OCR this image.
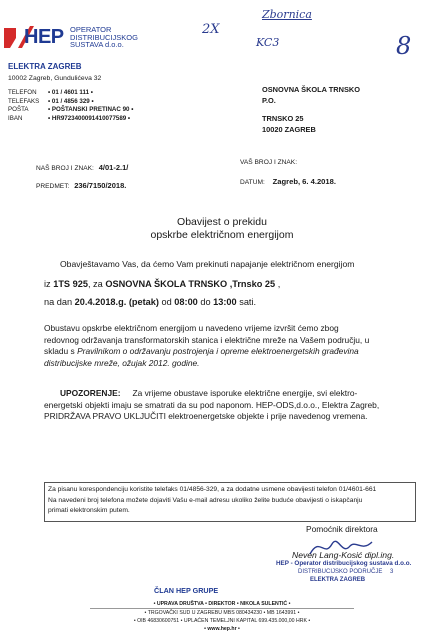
HEP OPERATOR
DISTRIBUCIJSKOG
SUSTAVA d.o.o.
2X
Zbornica
KC3	8
ELEKTRA ZAGREB
10002 Zagreb, Gundulićeva 32
TELEFON • 01 / 4601 111 •
TELEFAKS • 01 / 4856 329 •
POŠTA	• POŠTANSKI PRETINAC 90 •
IBAN	• HR9723400091410077589 •
OSNOVNA ŠKOLA TRNSKO
P.O.
TRNSKO 25
10020 ZAGREB
NAŠ BROJ I ZNAK: 4/01-2.1/
VAŠ BROJ I ZNAK:
PREDMET: 236/7150/2018.	DATUM: Zagreb, 6. 4.2018.
Obavijest o prekidu
opskrbe električnom energijom
Obavještavamo Vas, da ćemo Vam prekinuti napajanje električnom energijom
iz 1TS 925, za OSNOVNA ŠKOLA TRNSKO ,Trnsko 25 ,
na dan 20.4.2018.g. (petak) od 08:00 do 13:00 sati.
Obustavu opskrbe električnom energijom u navedeno vrijeme izvršit ćemo zbog
redovnog održavanja transformatorskih stanica i električne mreže na Vašem području, u
skladu s Pravilnikom o održavanju postrojenja i opreme elektroenergetskih građevina
distribucijske mreže, ožujak 2012. godine.
UPOZORENJE: Za vrijeme obustave isporuke električne energije, svi elektro-
energetski objekti imaju se smatrati da su pod naponom. HEP-ODS,d.o.o., Elektra Zagreb,
PRIDRŽAVA PRAVO UKLJUČITI elektroenergetske objekte i prije navedenog vremena.
Za pisanu korespondenciju koristite telefaks 01/4856-329, a za dodatne usmene obavijesti telefon 01/4601-661
Na navedeni broj telefona možete dojaviti Vašu e-mail adresu ukoliko želite buduće obavijesti o iskapčanju
primati elektronskim putem.
Pomoćnik direktora
Neven Lang-Kosić dipl.ing.
HEP - Operator distribucijskog sustava d.o.o.
DISTRIBUCIJSKO PODRUČJE 3
ELEKTRA ZAGREB
ČLAN HEP GRUPE
• UPRAVA DRUŠTVA • DIREKTOR • NIKOLA SULENTIĆ •
• TRGOVAČKI SUD U ZAGREBU MBS 080434230 • MB 1643991 •
• OIB 46830600751 • UPLAĆEN TEMELJNI KAPITAL 699.435.000,00 HRK •
• www.hep.hr •
